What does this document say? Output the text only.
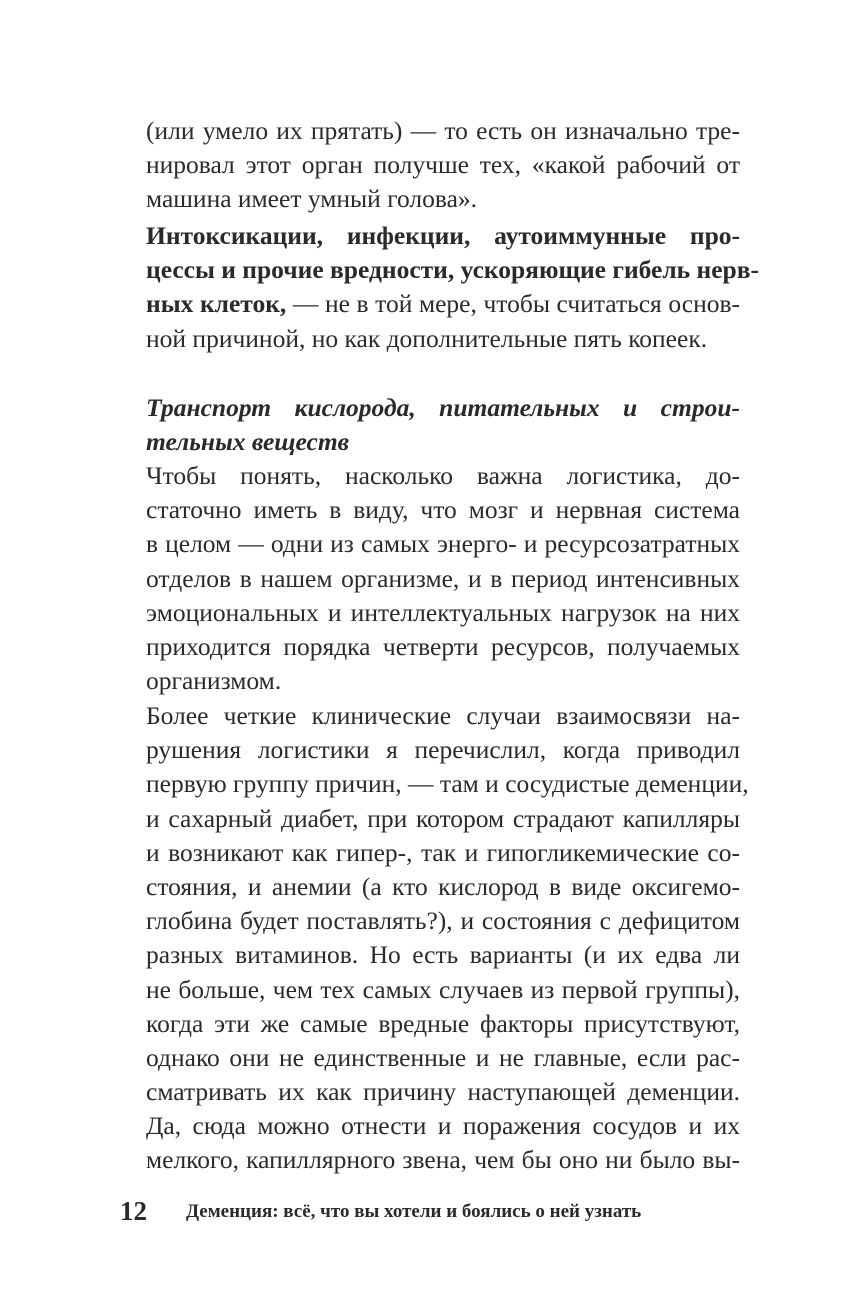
(или умело их прятать) — то есть он изначально тре-
нировал этот орган получше тех, «какой рабочий от
машина имеет умный голова».
Интоксикации, инфекции, аутоиммунные про-
цессы и прочие вредности, ускоряющие гибель нерв-
ных клеток, — не в той мере, чтобы считаться основ-
ной причиной, но как дополнительные пять копеек.
Транспорт кислорода, питательных и строи-
тельных веществ
Чтобы понять, насколько важна логистика, до-
статочно иметь в виду, что мозг и нервная система
в целом — одни из самых энерго- и ресурсозатратных
отделов в нашем организме, и в период интенсивных
эмоциональных и интеллектуальных нагрузок на них
приходится порядка четверти ресурсов, получаемых
организмом.
Более четкие клинические случаи взаимосвязи на-
рушения логистики я перечислил, когда приводил
первую группу причин, — там и сосудистые деменции,
и сахарный диабет, при котором страдают капилляры
и возникают как гипер-, так и гипогликемические со-
стояния, и анемии (а кто кислород в виде оксигемо-
глобина будет поставлять?), и состояния с дефицитом
разных витаминов. Но есть варианты (и их едва ли
не больше, чем тех самых случаев из первой группы),
когда эти же самые вредные факторы присутствуют,
однако они не единственные и не главные, если рас-
сматривать их как причину наступающей деменции.
Да, сюда можно отнести и поражения сосудов и их
мелкого, капиллярного звена, чем бы оно ни было вы-
12 Деменция: всё, что вы хотели и боялись о ней узнать
